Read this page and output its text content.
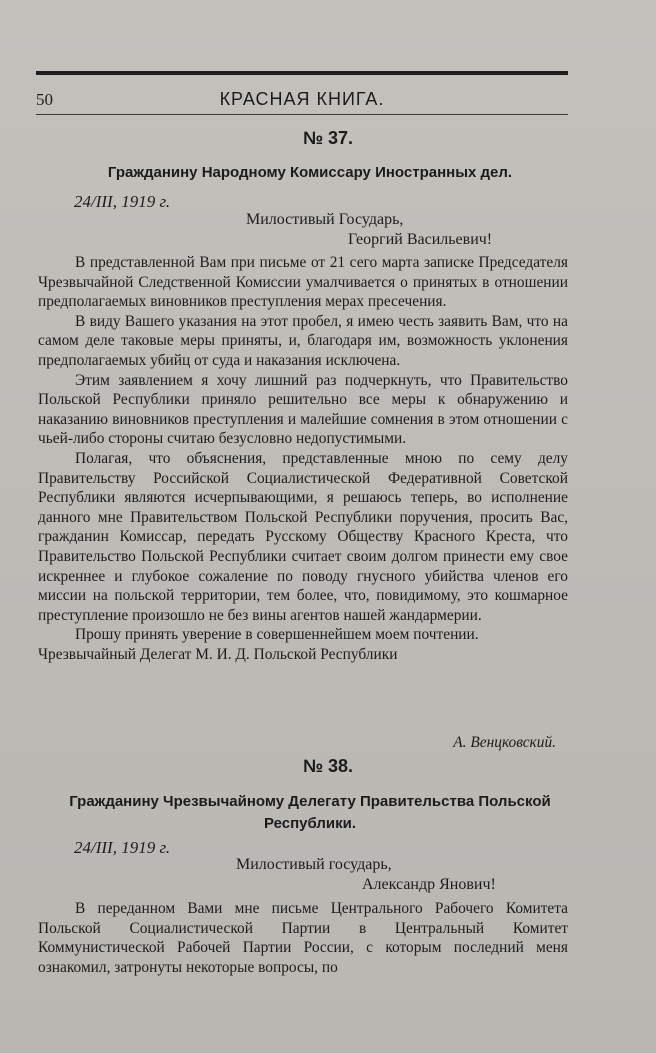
50	КРАСНАЯ КНИГА.
№ 37.
Гражданину Народному Комиссару Иностранных дел.
24/III, 1919 г.
Милостивый Государь,
Георгий Васильевич!

В представленной Вам при письме от 21 сего марта записке Председателя Чрезвычайной Следственной Комиссии умалчивается о принятых в отношении предполагаемых виновников преступления мерах пресечения.

В виду Вашего указания на этот пробел, я имею честь заявить Вам, что на самом деле таковые меры приняты, и, благодаря им, возможность уклонения предполагаемых убийц от суда и наказания исключена.

Этим заявлением я хочу лишний раз подчеркнуть, что Правительство Польской Республики приняло решительно все меры к обнаружению и наказанию виновников преступления и малейшие сомнения в этом отношении с чьей-либо стороны считаю безусловно недопустимыми.

Полагая, что объяснения, представленные мною по сему делу Правительству Российской Социалистической Федеративной Советской Республики являются исчерпывающими, я решаюсь теперь, во исполнение данного мне Правительством Польской Республики поручения, просить Вас, гражданин Комиссар, передать Русскому Обществу Красного Креста, что Правительство Польской Республики считает своим долгом принести ему свое искреннее и глубокое сожаление по поводу гнусного убийства членов его миссии на польской территории, тем более, что, повидимому, это кошмарное преступление произошло не без вины агентов нашей жандармерии.

Прошу принять уверение в совершеннейшем моем почтении.

Чрезвычайный Делегат М. И. Д. Польской Республики

А. Венцковский.
№ 38.
Гражданину Чрезвычайному Делегату Правительства Польской
Республики.
24/III, 1919 г.
Милостивый государь,
Александр Янович!

В переданном Вами мне письме Центрального Рабочего Комитета Польской Социалистической Партии в Центральный Комитет Коммунистической Рабочей Партии России, с которым последний меня ознакомил, затронуты некоторые вопросы, по
